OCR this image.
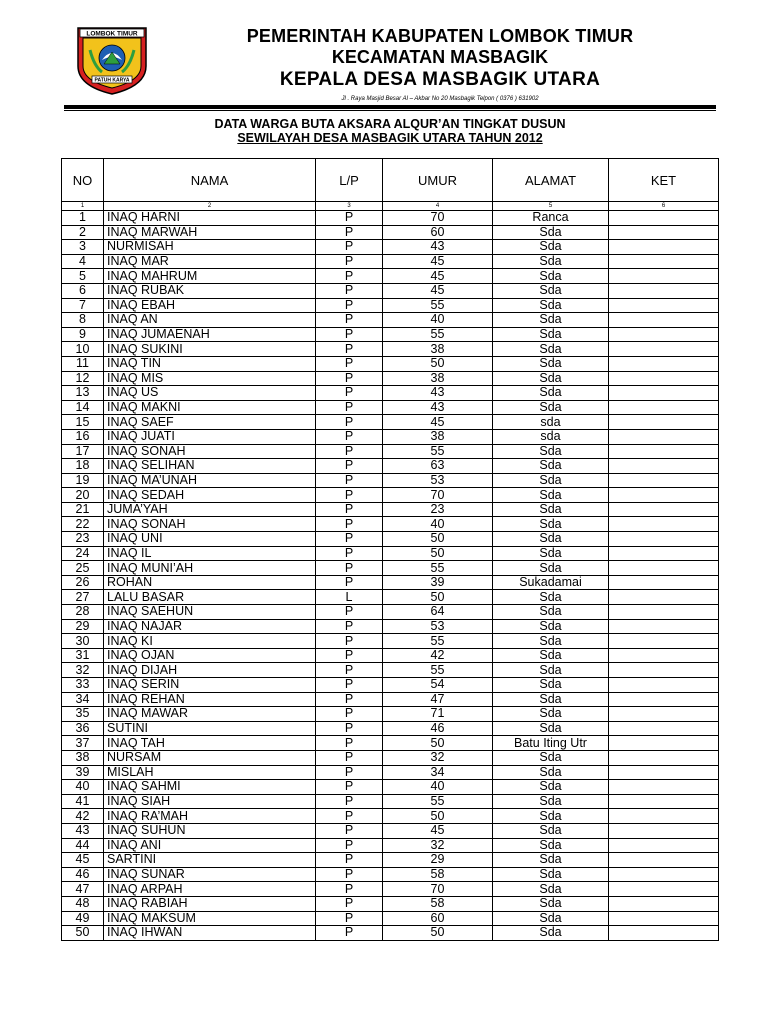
LOMBOK TIMUR
PATUH KARYA
PEMERINTAH KABUPATEN LOMBOK TIMUR
KECAMATAN MASBAGIK
KEPALA DESA MASBAGIK UTARA
Jl . Raya Masjid Besar Al – Akbar No 20 Masbagik Telpon ( 0376 ) 631902
DATA WARGA BUTA AKSARA ALQUR’AN TINGKAT DUSUN
SEWILAYAH DESA MASBAGIK UTARA TAHUN 2012
NO	NAMA	L/P	UMUR	ALAMAT	KET
1	2	3	4	5	6
1	INAQ HARNI	P	70	Ranca	
2	INAQ MARWAH	P	60	Sda	
3	NURMISAH	P	43	Sda	
4	INAQ MAR	P	45	Sda	
5	INAQ MAHRUM	P	45	Sda	
6	INAQ RUBAK	P	45	Sda	
7	INAQ EBAH	P	55	Sda	
8	INAQ AN	P	40	Sda	
9	INAQ JUMAENAH	P	55	Sda	
10	INAQ SUKINI	P	38	Sda	
11	INAQ TIN	P	50	Sda	
12	INAQ MIS	P	38	Sda	
13	INAQ US	P	43	Sda	
14	INAQ MAKNI	P	43	Sda	
15	INAQ SAEF	P	45	sda	
16	INAQ JUATI	P	38	sda	
17	INAQ SONAH	P	55	Sda	
18	INAQ SELIHAN	P	63	Sda	
19	INAQ MA’UNAH	P	53	Sda	
20	INAQ SEDAH	P	70	Sda	
21	JUMA’YAH	P	23	Sda	
22	INAQ SONAH	P	40	Sda	
23	INAQ UNI	P	50	Sda	
24	INAQ IL	P	50	Sda	
25	INAQ MUNI’AH	P	55	Sda	
26	ROHAN	P	39	Sukadamai	
27	LALU BASAR	L	50	Sda	
28	INAQ SAEHUN	P	64	Sda	
29	INAQ NAJAR	P	53	Sda	
30	INAQ KI	P	55	Sda	
31	INAQ OJAN	P	42	Sda	
32	INAQ DIJAH	P	55	Sda	
33	INAQ SERIN	P	54	Sda	
34	INAQ REHAN	P	47	Sda	
35	INAQ MAWAR	P	71	Sda	
36	SUTINI	P	46	Sda	
37	INAQ TAH	P	50	Batu Iting Utr	
38	NURSAM	P	32	Sda	
39	MISLAH	P	34	Sda	
40	INAQ SAHMI	P	40	Sda	
41	INAQ SIAH	P	55	Sda	
42	INAQ RA’MAH	P	50	Sda	
43	INAQ SUHUN	P	45	Sda	
44	INAQ ANI	P	32	Sda	
45	SARTINI	P	29	Sda	
46	INAQ SUNAR	P	58	Sda	
47	INAQ ARPAH	P	70	Sda	
48	INAQ RABIAH	P	58	Sda	
49	INAQ MAKSUM	P	60	Sda	
50	INAQ IHWAN	P	50	Sda	
